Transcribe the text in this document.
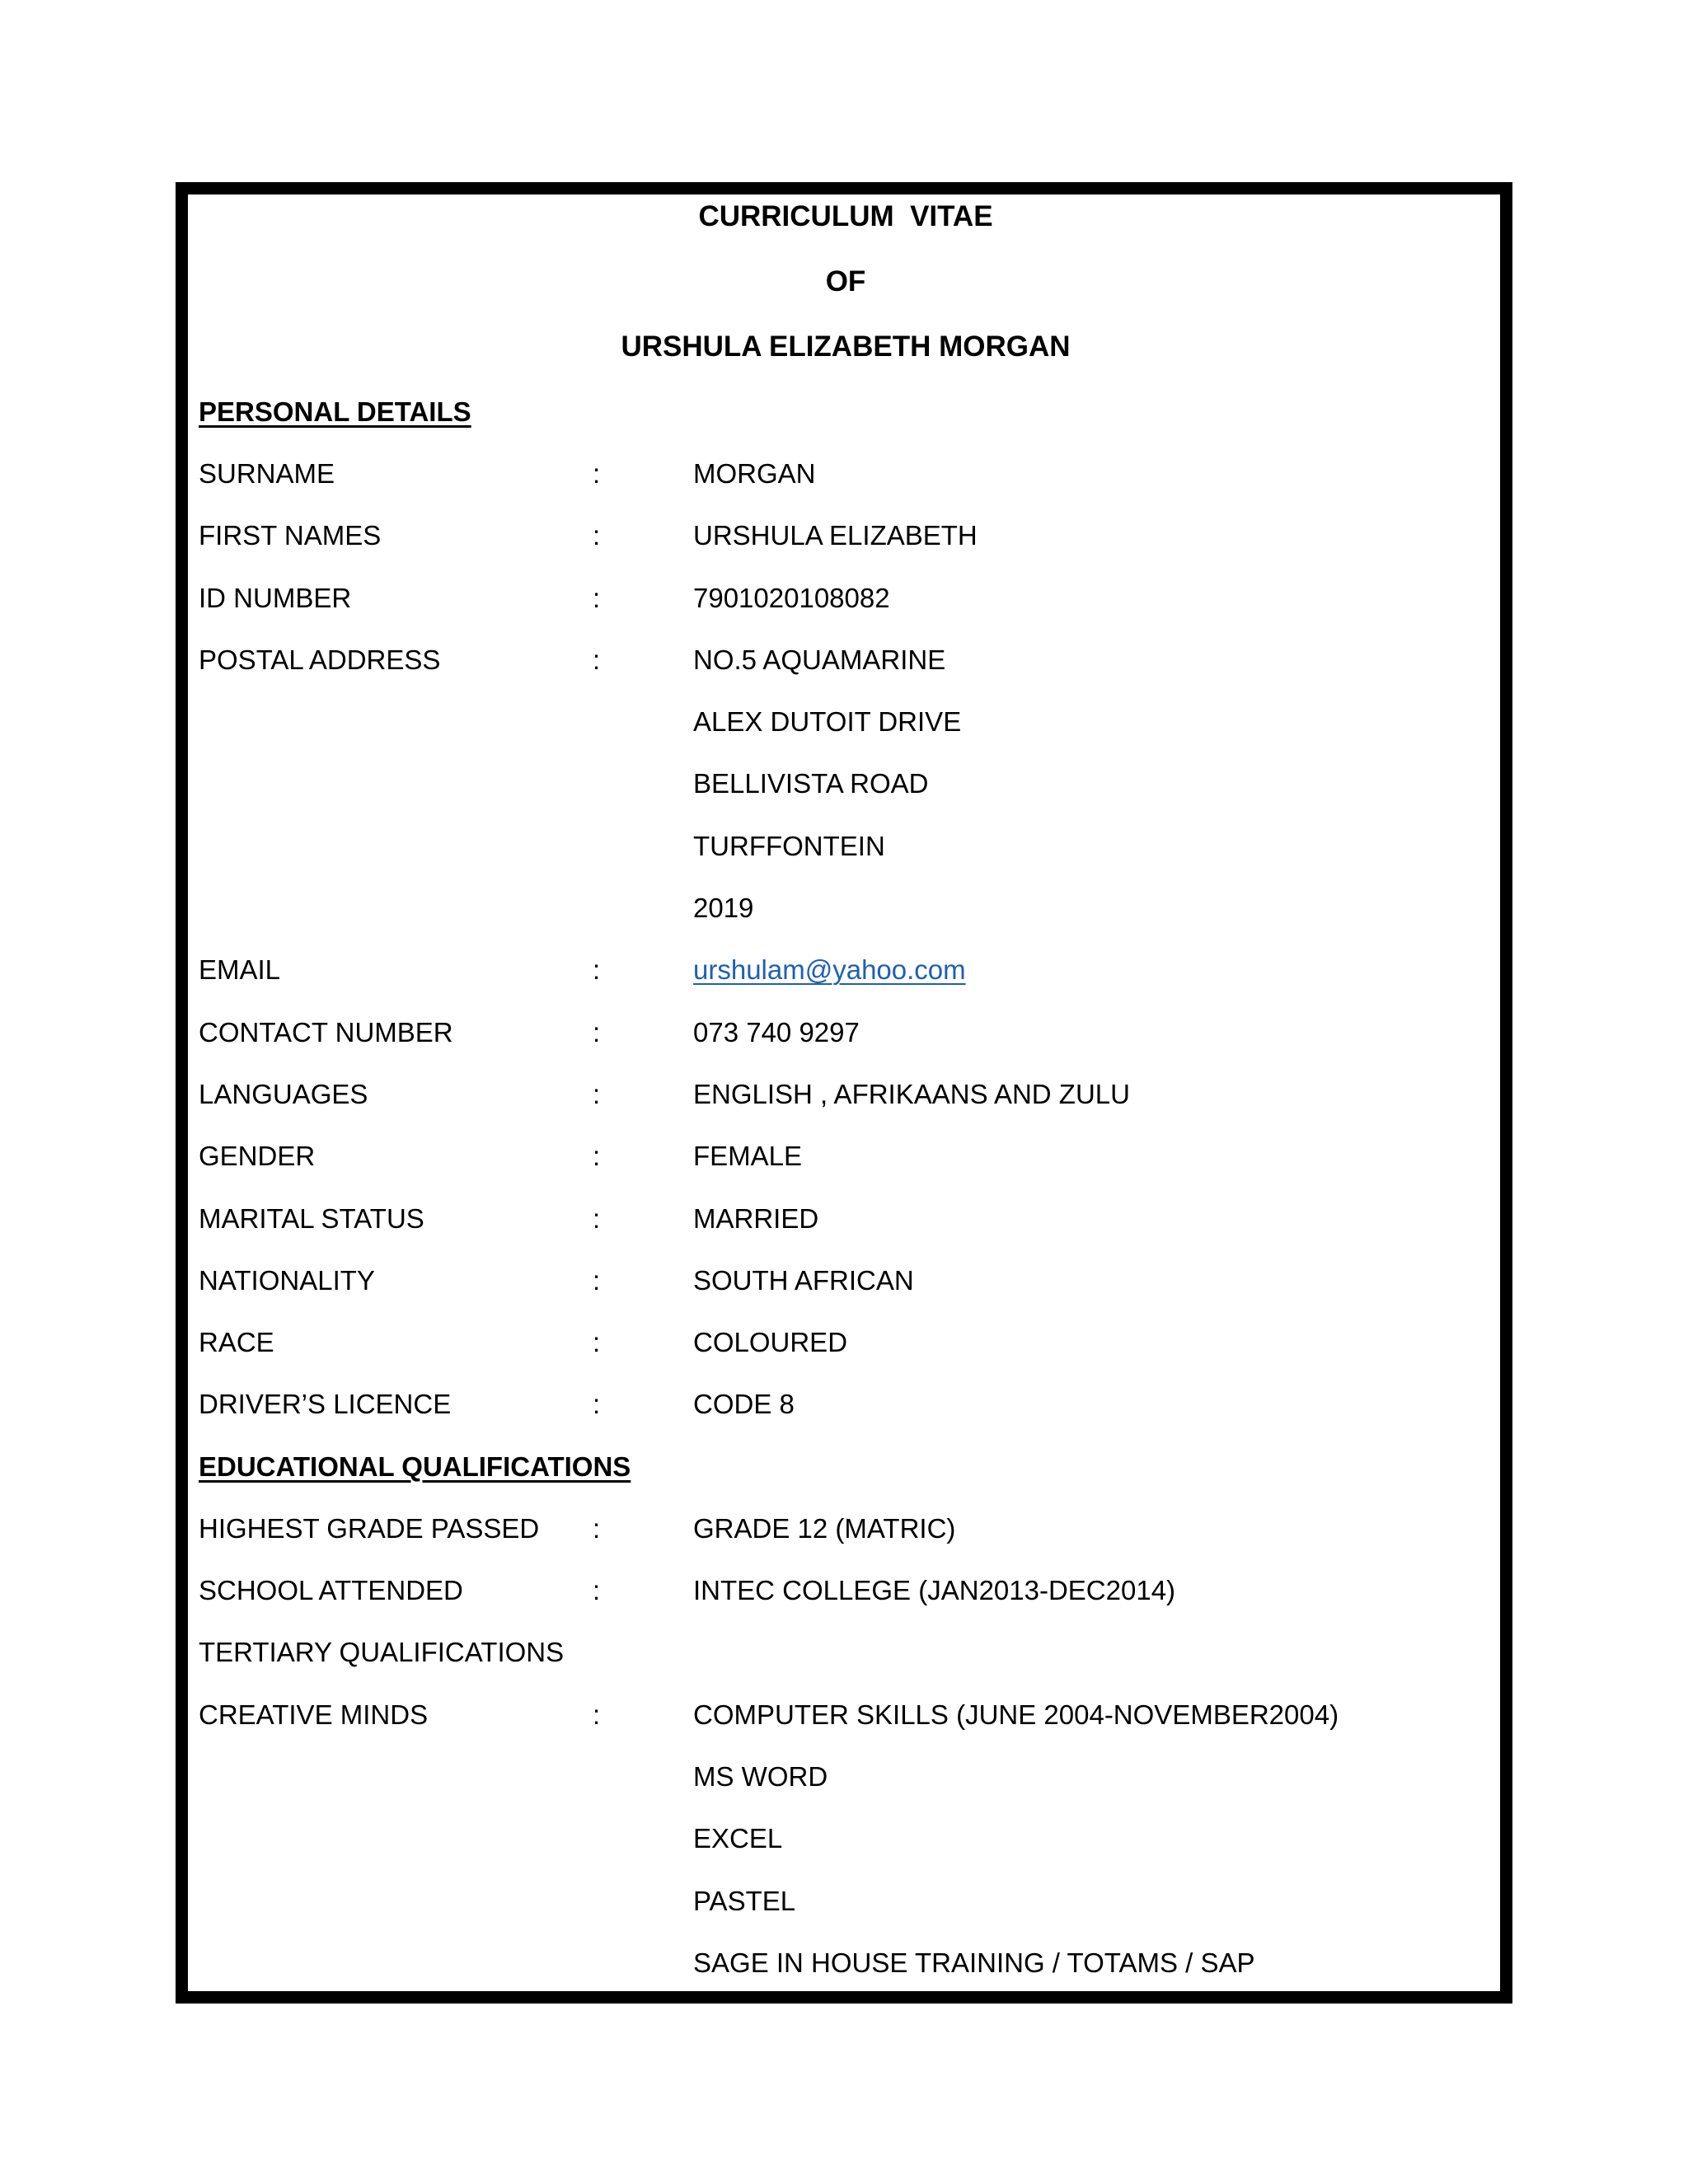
CURRICULUM  VITAE
OF
URSHULA ELIZABETH MORGAN
PERSONAL DETAILS
SURNAME	:	MORGAN
FIRST NAMES	:	URSHULA ELIZABETH
ID NUMBER	:	7901020108082
POSTAL ADDRESS	:	NO.5 AQUAMARINE
ALEX DUTOIT DRIVE
BELLIVISTA ROAD
TURFFONTEIN
2019
EMAIL	:	urshulam@yahoo.com
CONTACT NUMBER	:	073 740 9297
LANGUAGES	:	ENGLISH , AFRIKAANS AND ZULU
GENDER	:	FEMALE
MARITAL STATUS	:	MARRIED
NATIONALITY	:	SOUTH AFRICAN
RACE	:	COLOURED
DRIVER’S LICENCE	:	CODE 8
EDUCATIONAL QUALIFICATIONS
HIGHEST GRADE PASSED :	GRADE 12 (MATRIC)
SCHOOL ATTENDED	:	INTEC COLLEGE (JAN2013-DEC2014)
TERTIARY QUALIFICATIONS
CREATIVE MINDS	:	COMPUTER SKILLS (JUNE 2004-NOVEMBER2004)
MS WORD
EXCEL
PASTEL
SAGE IN HOUSE TRAINING / TOTAMS / SAP
